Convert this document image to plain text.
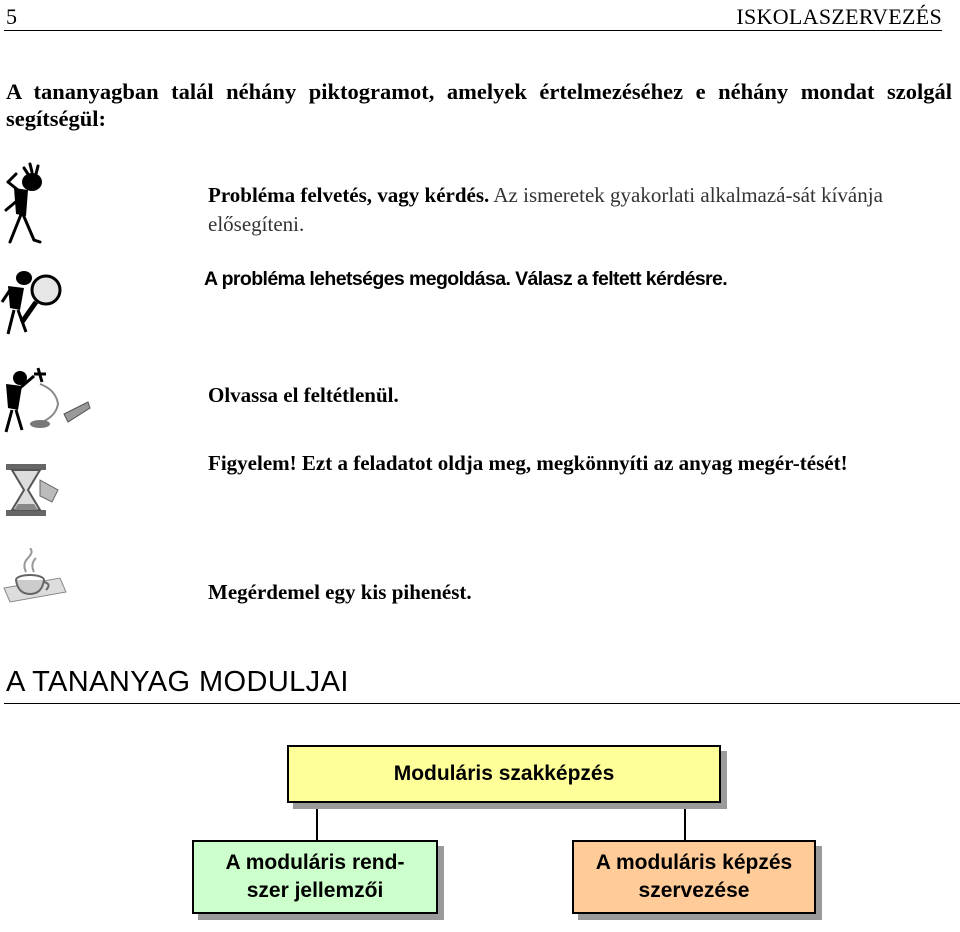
5	ISKOLASZERVEZÉS
A tananyagban talál néhány piktogramot, amelyek értelmezéséhez e néhány mondat szolgál segítségül:
Probléma felvetés, vagy kérdés. Az ismeretek gyakorlati alkalmazá-sát kívánja elősegíteni.
A probléma lehetséges megoldása. Válasz a feltett kérdésre.
Olvassa el feltétlenül.
Figyelem! Ezt a feladatot oldja meg, megkönnyíti az anyag megér-tését!
Megérdemel egy kis pihenést.
A TANANYAG MODULJAI
Moduláris szakképzés
A moduláris rend-szer jellemzői
A moduláris képzés szervezése
